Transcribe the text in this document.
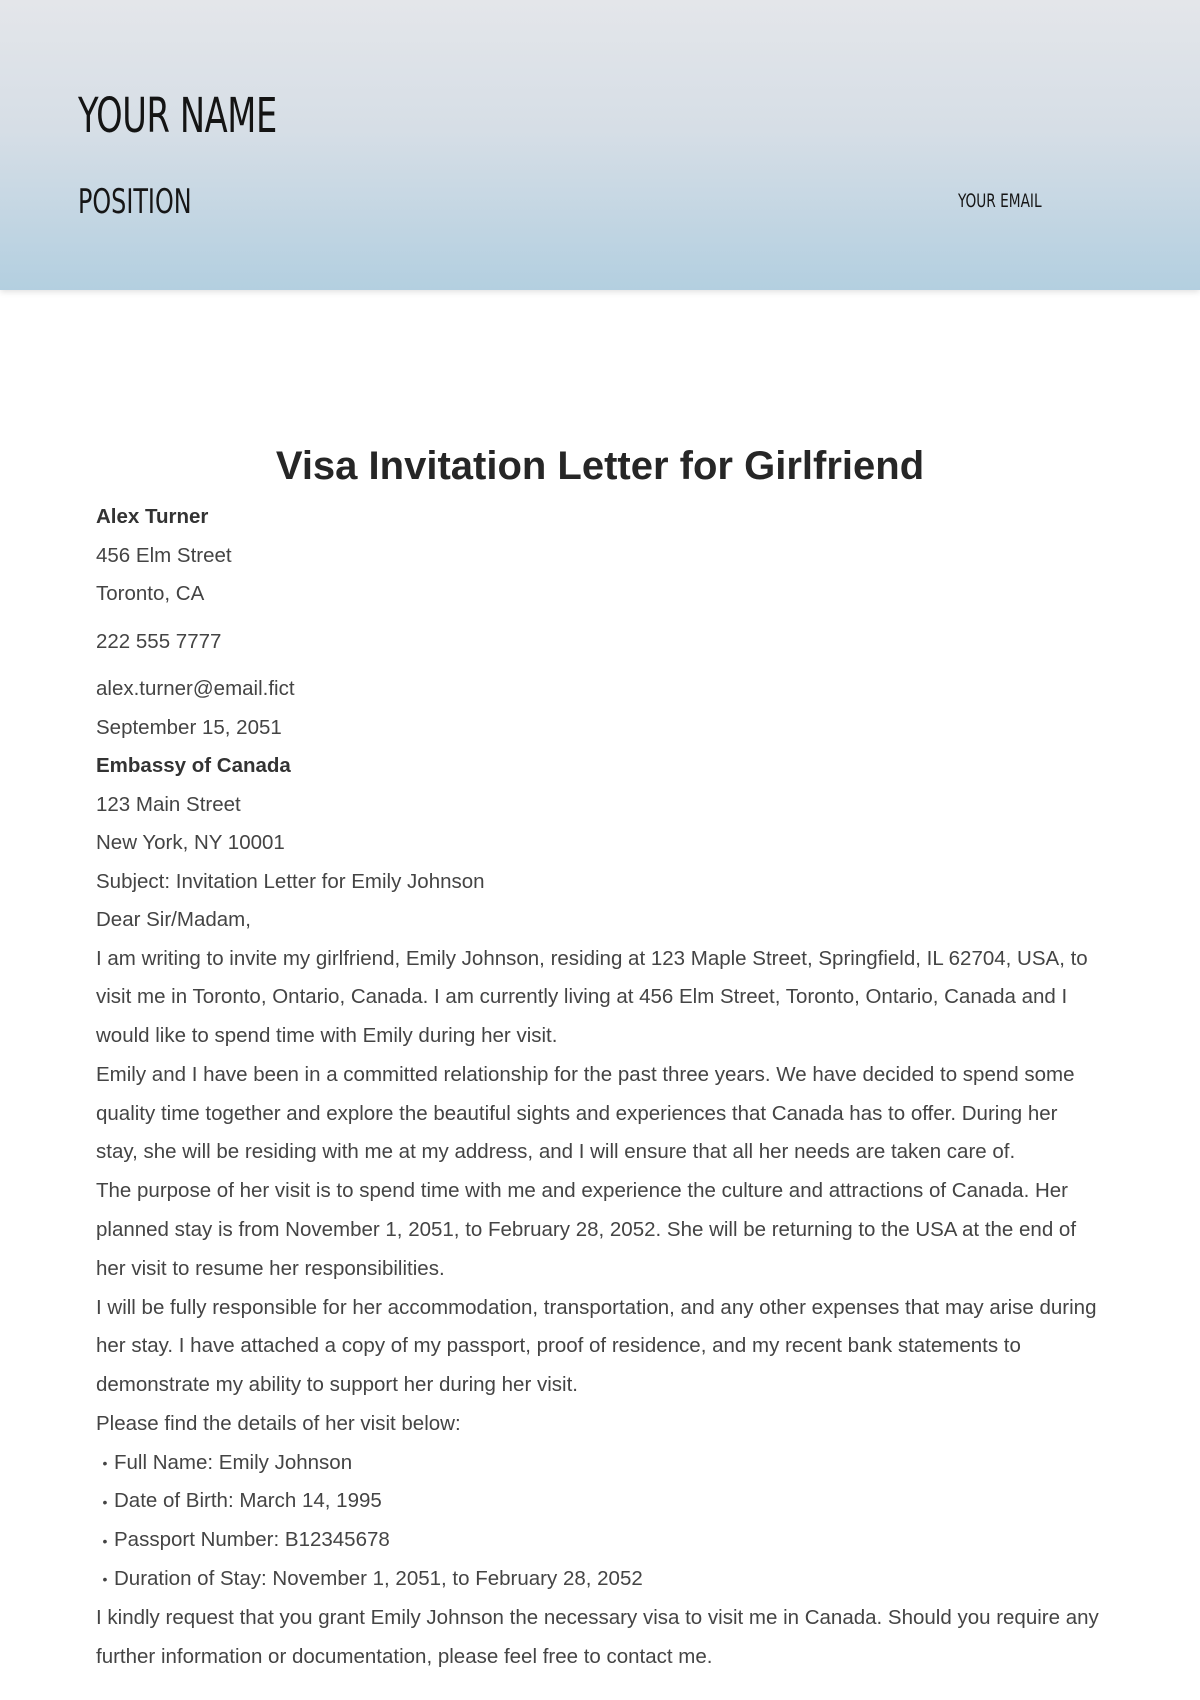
YOUR NAME
POSITION	YOUR EMAIL
Visa Invitation Letter for Girlfriend
Alex Turner
456 Elm Street
Toronto, CA
222 555 7777
alex.turner@email.fict
September 15, 2051
Embassy of Canada
123 Main Street
New York, NY 10001
Subject: Invitation Letter for Emily Johnson
Dear Sir/Madam,

I am writing to invite my girlfriend, Emily Johnson, residing at 123 Maple Street, Springfield, IL 62704, USA, to visit me in Toronto, Ontario, Canada. I am currently living at 456 Elm Street, Toronto, Ontario, Canada and I would like to spend time with Emily during her visit.

Emily and I have been in a committed relationship for the past three years. We have decided to spend some quality time together and explore the beautiful sights and experiences that Canada has to offer. During her stay, she will be residing with me at my address, and I will ensure that all her needs are taken care of.

The purpose of her visit is to spend time with me and experience the culture and attractions of Canada. Her planned stay is from November 1, 2051, to February 28, 2052. She will be returning to the USA at the end of her visit to resume her responsibilities.

I will be fully responsible for her accommodation, transportation, and any other expenses that may arise during her stay. I have attached a copy of my passport, proof of residence, and my recent bank statements to demonstrate my ability to support her during her visit.

Please find the details of her visit below:
• Full Name: Emily Johnson
• Date of Birth: March 14, 1995
• Passport Number: B12345678
• Duration of Stay: November 1, 2051, to February 28, 2052

I kindly request that you grant Emily Johnson the necessary visa to visit me in Canada. Should you require any further information or documentation, please feel free to contact me.
